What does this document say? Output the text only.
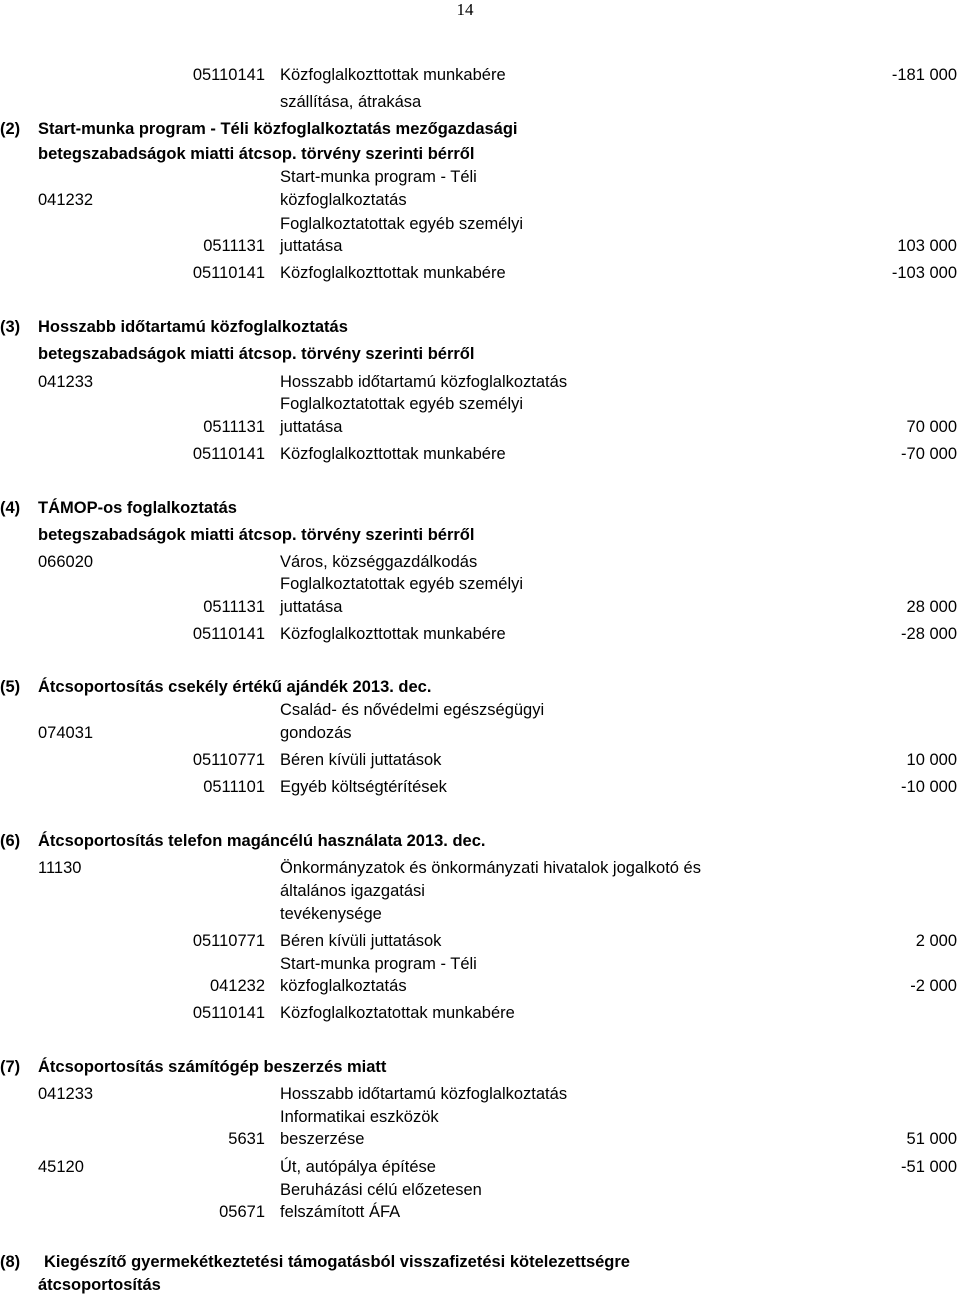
14
05110141 Közfoglalkozttottak munkabére	-181 000
szállítása, átrakása
(2) Start-munka program - Téli közfoglalkoztatás mezőgazdasági
betegszabadságok miatti átcsop. törvény szerinti bérről
Start-munka program - Téli
041232	közfoglalkoztatás
Foglalkoztatottak egyéb személyi
0511131 juttatása	103 000
05110141 Közfoglalkozttottak munkabére	-103 000
(3) Hosszabb időtartamú közfoglalkoztatás
betegszabadságok miatti átcsop. törvény szerinti bérről
041233	Hosszabb időtartamú közfoglalkoztatás
Foglalkoztatottak egyéb személyi
0511131 juttatása	70 000
05110141 Közfoglalkozttottak munkabére	-70 000
(4) TÁMOP-os foglalkoztatás
betegszabadságok miatti átcsop. törvény szerinti bérről
066020	Város, községgazdálkodás
Foglalkoztatottak egyéb személyi
0511131 juttatása	28 000
05110141 Közfoglalkozttottak munkabére	-28 000
(5) Átcsoportosítás csekély értékű ajándék 2013. dec.
Család- és nővédelmi egészségügyi
074031	gondozás
05110771 Béren kívüli juttatások	10 000
0511101 Egyéb költségtérítések	-10 000
(6) Átcsoportosítás telefon magáncélú használata 2013. dec.
11130	Önkormányzatok és önkormányzati hivatalok jogalkotó és
általános igazgatási
tevékenysége
05110771 Béren kívüli juttatások	2 000
Start-munka program - Téli
041232 közfoglalkoztatás	-2 000
05110141 Közfoglalkoztatottak munkabére
(7) Átcsoportosítás számítógép beszerzés miatt
041233	Hosszabb időtartamú közfoglalkoztatás
Informatikai eszközök
5631 beszerzése	51 000
45120	Út, autópálya építése	-51 000
Beruházási célú előzetesen
05671 felszámított ÁFA
(8) Kiegészítő gyermekétkeztetési támogatásból visszafizetési kötelezettségre
átcsoportosítás
